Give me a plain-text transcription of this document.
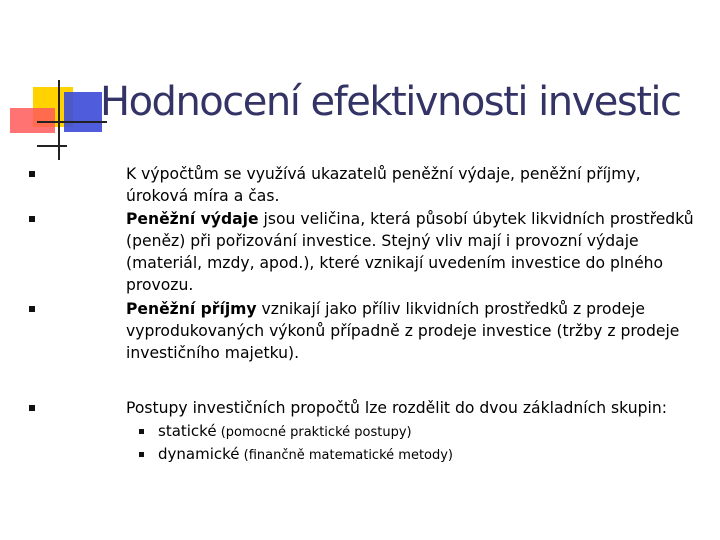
Hodnocení efektivnosti investic
K výpočtům se využívá ukazatelů peněžní výdaje, peněžní příjmy, úroková míra a čas.
Peněžní výdaje jsou veličina, která působí úbytek likvidních prostředků (peněz) při pořizování investice. Stejný vliv mají i provozní výdaje (materiál, mzdy, apod.), které vznikají uvedením investice do plného provozu.
Peněžní příjmy vznikají jako příliv likvidních prostředků z prodeje vyprodukovaných výkonů případně z prodeje investice (tržby z prodeje investičního majetku).
Postupy investičních propočtů lze rozdělit do dvou základních skupin:
statické (pomocné praktické postupy)
dynamické (finančně matematické metody)
